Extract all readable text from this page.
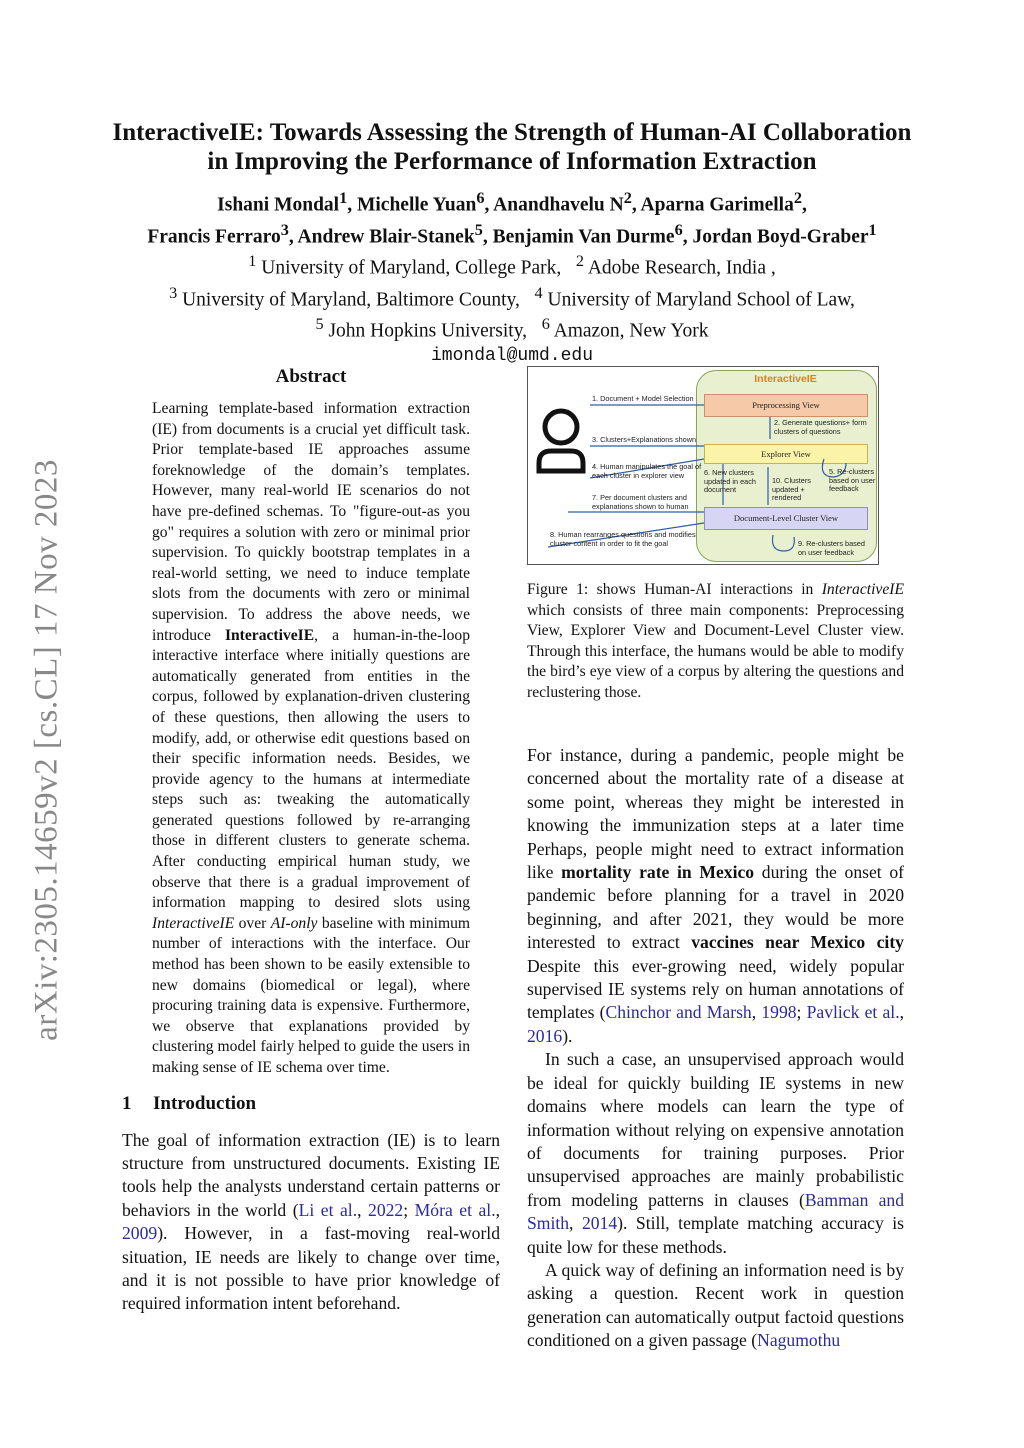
arXiv:2305.14659v2 [cs.CL] 17 Nov 2023
InteractiveIE: Towards Assessing the Strength of Human-AI Collaboration
in Improving the Performance of Information Extraction
Ishani Mondal$^1$, Michelle Yuan$^6$, Anandhavelu $N^2$, Aparna Garimella$^2$,
Francis Ferraro$^3$, Andrew Blair-Stanek$^5$, Benjamin Van Durme$^6$, Jordan Boyd-Graber$^1$
$^1$ University of Maryland, College Park, $^2$ Adobe Research, India ,
$^3$ University of Maryland, Baltimore County, $^4$ University of Maryland School of Law,
$^5$ John Hopkins University, $^6$ Amazon, New York
imondal@umd.edu
Abstract
Learning template-based information extraction (IE) from documents is a crucial yet difficult task. Prior template-based IE approaches assume foreknowledge of the domain’s templates. However, many real-world IE scenarios do not have pre-defined schemas. To "figure-out-as you go" requires a solution with zero or minimal prior supervision. To quickly bootstrap templates in a real-world setting, we need to induce template slots from the documents with zero or minimal supervision. To address the above needs, we introduce InteractiveIE, a human-in-the-loop interactive interface where initially questions are automatically generated from entities in the corpus, followed by explanation-driven clustering of these questions, then allowing the users to modify, add, or otherwise edit questions based on their specific information needs. Besides, we provide agency to the humans at intermediate steps such as: tweaking the automatically generated questions followed by re-arranging those in different clusters to generate schema. After conducting empirical human study, we observe that there is a gradual improvement of information mapping to desired slots using InteractiveIE over AI-only baseline with minimum number of interactions with the interface. Our method has been shown to be easily extensible to new domains (biomedical or legal), where procuring training data is expensive. Furthermore, we observe that explanations provided by clustering model fairly helped to guide the users in making sense of IE schema over time.
1 Introduction

The goal of information extraction (IE) is to learn structure from unstructured documents. Existing IE tools help the analysts understand certain patterns or behaviors in the world (Li et al., 2022; Móra et al., 2009). However, in a fast-moving real-world situation, IE needs are likely to change over time, and it is not possible to have prior knowledge of required information intent beforehand.

InteractiveIE
Preprocessing View
Explorer View
Document-Level Cluster View
1. Document + Model Selection
2. Generate questions+ form clusters of questions
3. Clusters+Explanations shown
4. Human manipulates the goal of each cluster in explorer view	5. Re-clusters based on user feedback
6. New clusters updated in each document
10. Clusters updated + rendered
7. Per document clusters and explanations shown to human
8. Human rearranges questions and modifies cluster content in order to fit the goal	9. Re-clusters based on user feedback
Figure 1: shows Human-AI interactions in InteractiveIE which consists of three main components: Preprocessing View, Explorer View and Document-Level Cluster view. Through this interface, the humans would be able to modify the bird’s eye view of a corpus by altering the questions and reclustering those.

For instance, during a pandemic, people might be concerned about the mortality rate of a disease at some point, whereas they might be interested in knowing the immunization steps at a later time Perhaps, people might need to extract information like mortality rate in Mexico during the onset of pandemic before planning for a travel in 2020 beginning, and after 2021, they would be more interested to extract vaccines near Mexico city Despite this ever-growing need, widely popular supervised IE systems rely on human annotations of templates (Chinchor and Marsh, 1998; Pavlick et al., 2016).

In such a case, an unsupervised approach would be ideal for quickly building IE systems in new domains where models can learn the type of information without relying on expensive annotation of documents for training purposes. Prior unsupervised approaches are mainly probabilistic from modeling patterns in clauses (Bamman and Smith, 2014). Still, template matching accuracy is quite low for these methods.

A quick way of defining an information need is by asking a question. Recent work in question generation can automatically output factoid questions conditioned on a given passage (Nagumothu
